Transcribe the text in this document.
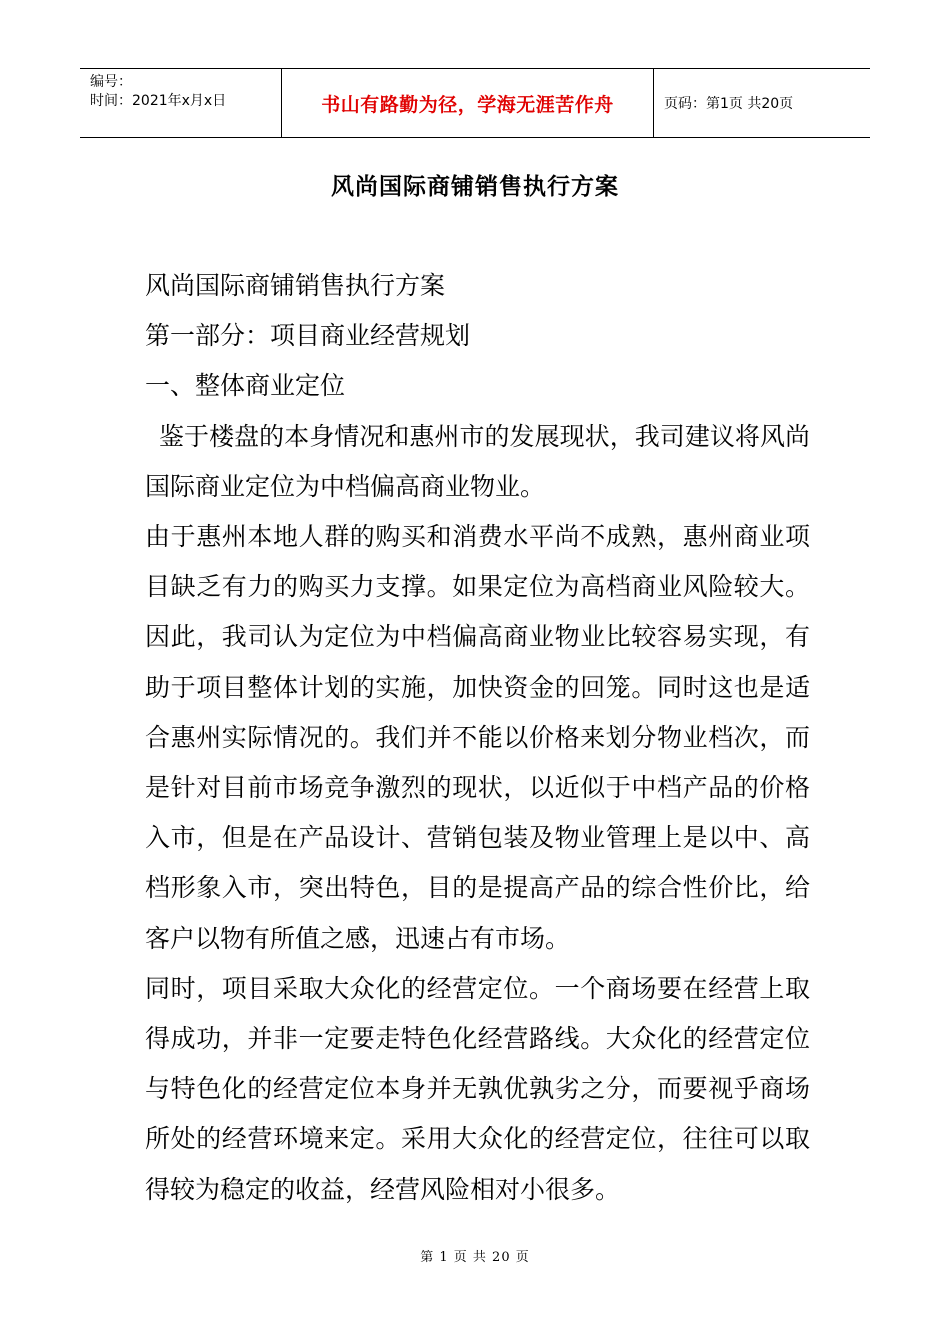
编号：
时间：2021年x月x日	书山有路勤为径，学海无涯苦作舟	页码：第1页 共20页
风尚国际商铺销售执行方案

风尚国际商铺销售执行方案

第一部分：项目商业经营规划

一、整体商业定位

鉴于楼盘的本身情况和惠州市的发展现状，我司建议将风尚国际商业定位为中档偏高商业物业。

由于惠州本地人群的购买和消费水平尚不成熟，惠州商业项目缺乏有力的购买力支撑。如果定位为高档商业风险较大。因此，我司认为定位为中档偏高商业物业比较容易实现，有助于项目整体计划的实施，加快资金的回笼。同时这也是适合惠州实际情况的。我们并不能以价格来划分物业档次，而是针对目前市场竞争激烈的现状，以近似于中档产品的价格入市，但是在产品设计、营销包装及物业管理上是以中、高档形象入市，突出特色，目的是提高产品的综合性价比，给客户以物有所值之感，迅速占有市场。

同时，项目采取大众化的经营定位。一个商场要在经营上取得成功，并非一定要走特色化经营路线。大众化的经营定位与特色化的经营定位本身并无孰优孰劣之分，而要视乎商场所处的经营环境来定。采用大众化的经营定位，往往可以取得较为稳定的收益，经营风险相对小很多。

第 1 页 共 20 页
